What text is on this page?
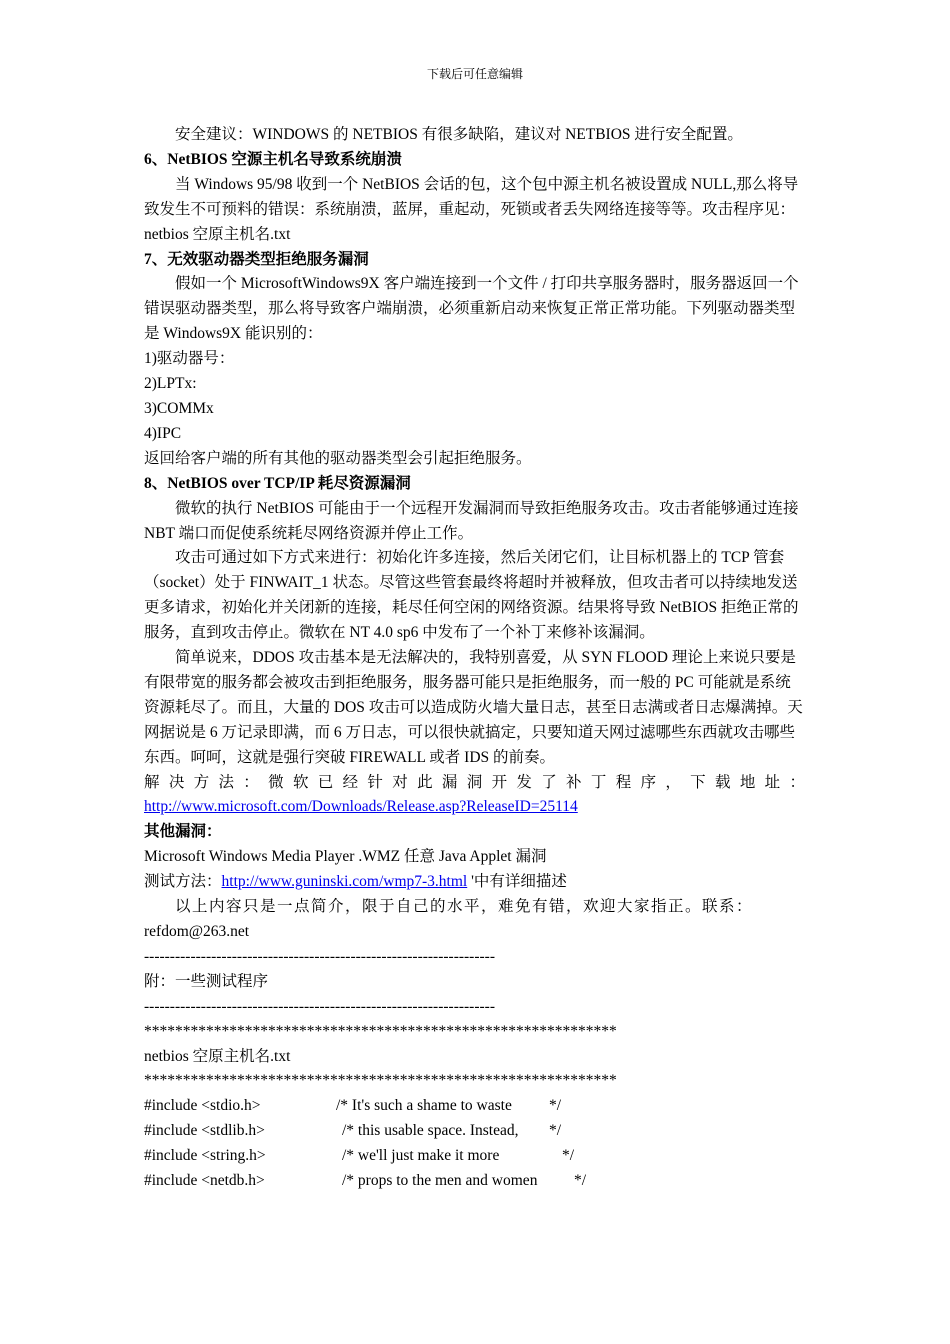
下载后可任意编辑

安全建议：WINDOWS 的 NETBIOS 有很多缺陷，建议对 NETBIOS 进行安全配置。

6、NetBIOS 空源主机名导致系统崩溃

当 Windows 95/98 收到一个 NetBIOS 会话的包，这个包中源主机名被设置成 NULL,那么将导致发生不可预料的错误：系统崩溃，蓝屏，重起动，死锁或者丢失网络连接等等。攻击程序见：netbios 空原主机名.txt

7、无效驱动器类型拒绝服务漏洞

假如一个 MicrosoftWindows9X 客户端连接到一个文件 / 打印共享服务器时，服务器返回一个错误驱动器类型，那么将导致客户端崩溃，必须重新启动来恢复正常正常功能。下列驱动器类型是 Windows9X 能识别的：

1)驱动器号：

2)LPTx:

3)COMMx

4)IPC

返回给客户端的所有其他的驱动器类型会引起拒绝服务。

8、NetBIOS over TCP/IP 耗尽资源漏洞

微软的执行 NetBIOS 可能由于一个远程开发漏洞而导致拒绝服务攻击。攻击者能够通过连接 NBT 端口而促使系统耗尽网络资源并停止工作。

攻击可通过如下方式来进行：初始化许多连接，然后关闭它们，让目标机器上的 TCP 管套（socket）处于 FINWAIT_1 状态。尽管这些管套最终将超时并被释放，但攻击者可以持续地发送更多请求，初始化并关闭新的连接，耗尽任何空闲的网络资源。结果将导致 NetBIOS 拒绝正常的服务，直到攻击停止。微软在 NT 4.0 sp6 中发布了一个补丁来修补该漏洞。

简单说来，DDOS 攻击基本是无法解决的，我特别喜爱，从 SYN FLOOD 理论上来说只要是有限带宽的服务都会被攻击到拒绝服务，服务器可能只是拒绝服务，而一般的 PC 可能就是系统资源耗尽了。而且，大量的 DOS 攻击可以造成防火墙大量日志，甚至日志满或者日志爆满掉。天网据说是 6 万记录即满，而 6 万日志，可以很快就搞定，只要知道天网过滤哪些东西就攻击哪些东西。呵呵，这就是强行突破 FIREWALL 或者 IDS 的前奏。

解 决 方 法 ： 微 软 已 经 针 对 此 漏 洞 开 发 了 补 丁 程 序 ， 下 载 地 址 ：

http://www.microsoft.com/Downloads/Release.asp?ReleaseID=25114

其他漏洞：

Microsoft Windows Media Player .WMZ 任意 Java Applet 漏洞

测试方法：http://www.guninski.com/wmp7-3.html '中有详细描述

以上内容只是一点简介，限于自己的水平，难免有错，欢迎大家指正。联系：

refdom@263.net

--------------------------------------------------------------------

附：一些测试程序

--------------------------------------------------------------------

*************************************************************

netbios 空原主机名.txt

*************************************************************

#include <stdio.h>	/* It's such a shame to waste */
#include <stdlib.h>	/* this usable space. Instead, */
#include <string.h>	/* we'll just make it more	*/
#include <netdb.h>	/* props to the men and women */
